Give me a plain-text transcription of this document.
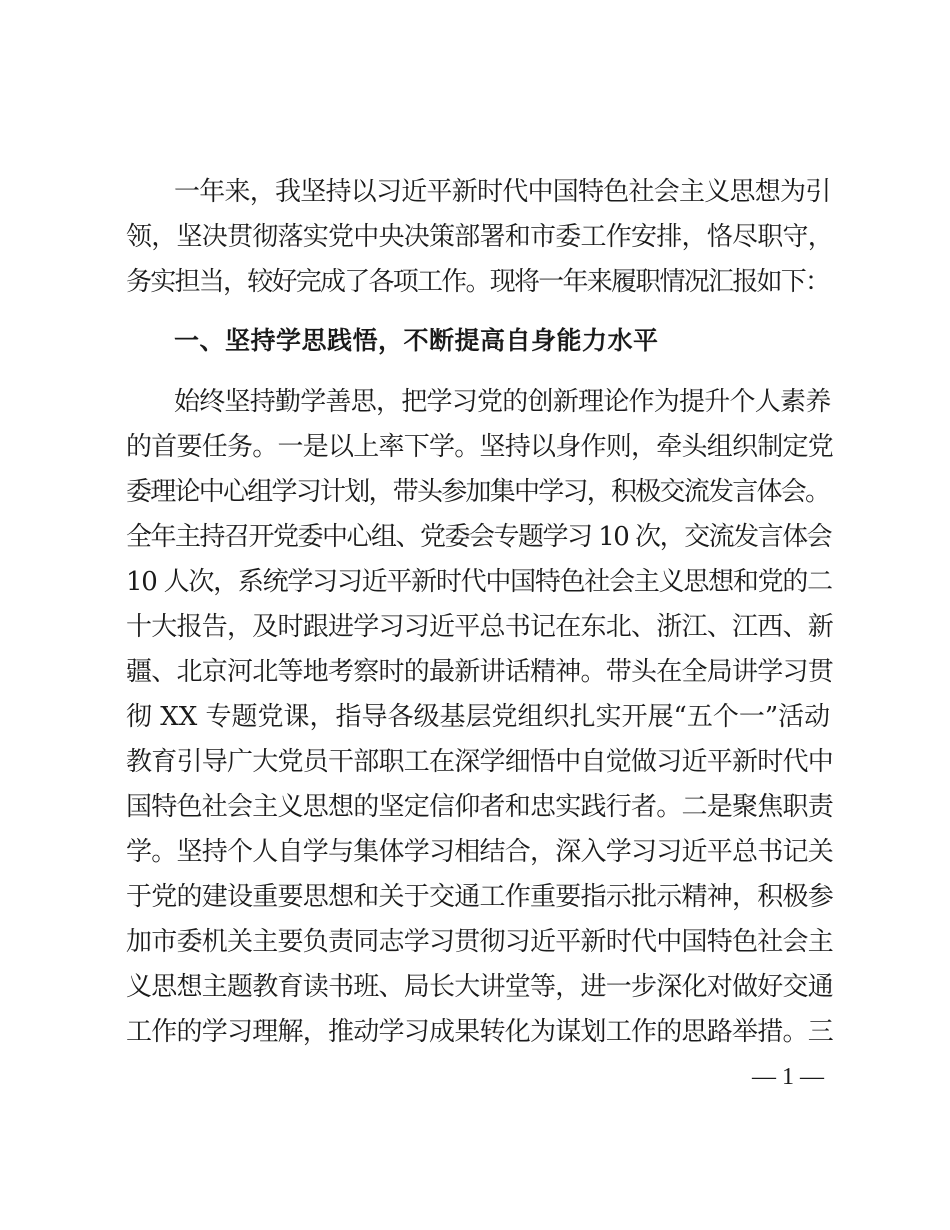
一年来，我坚持以习近平新时代中国特色社会主义思想为引
领，坚决贯彻落实党中央决策部署和市委工作安排，恪尽职守，
务实担当，较好完成了各项工作。现将一年来履职情况汇报如下：
一、坚持学思践悟，不断提高自身能力水平
始终坚持勤学善思，把学习党的创新理论作为提升个人素养
的首要任务。一是以上率下学。坚持以身作则，牵头组织制定党
委理论中心组学习计划，带头参加集中学习，积极交流发言体会。
全年主持召开党委中心组、党委会专题学习 10 次，交流发言体会
10 人次，系统学习习近平新时代中国特色社会主义思想和党的二
十大报告，及时跟进学习习近平总书记在东北、浙江、江西、新
疆、北京河北等地考察时的最新讲话精神。带头在全局讲学习贯
彻 XX 专题党课，指导各级基层党组织扎实开展“五个一”活动
教育引导广大党员干部职工在深学细悟中自觉做习近平新时代中
国特色社会主义思想的坚定信仰者和忠实践行者。二是聚焦职责
学。坚持个人自学与集体学习相结合，深入学习习近平总书记关
于党的建设重要思想和关于交通工作重要指示批示精神，积极参
加市委机关主要负责同志学习贯彻习近平新时代中国特色社会主
义思想主题教育读书班、局长大讲堂等，进一步深化对做好交通
工作的学习理解，推动学习成果转化为谋划工作的思路举措。三
— 1 —
